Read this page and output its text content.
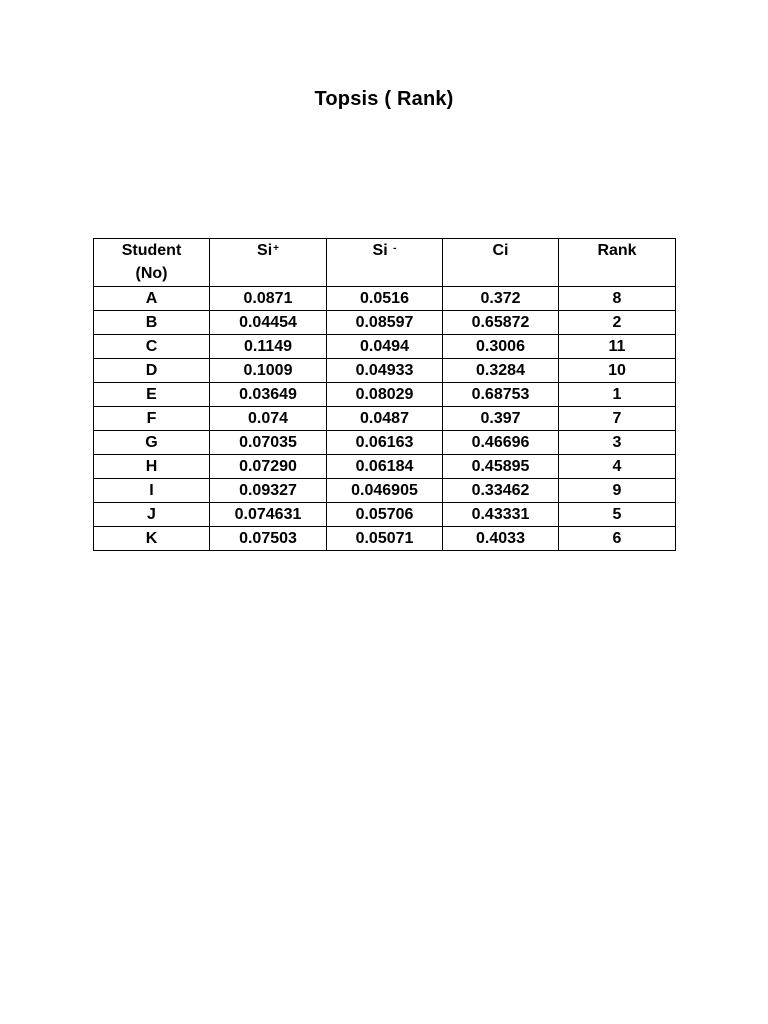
Topsis ( Rank)
Student
(No)	Si+	Si -	Ci	Rank
A	0.0871	0.0516	0.372	8
B	0.04454	0.08597	0.65872	2
C	0.1149	0.0494	0.3006	11
D	0.1009	0.04933	0.3284	10
E	0.03649	0.08029	0.68753	1
F	0.074	0.0487	0.397	7
G	0.07035	0.06163	0.46696	3
H	0.07290	0.06184	0.45895	4
I	0.09327	0.046905	0.33462	9
J	0.074631	0.05706	0.43331	5
K	0.07503	0.05071	0.4033	6
